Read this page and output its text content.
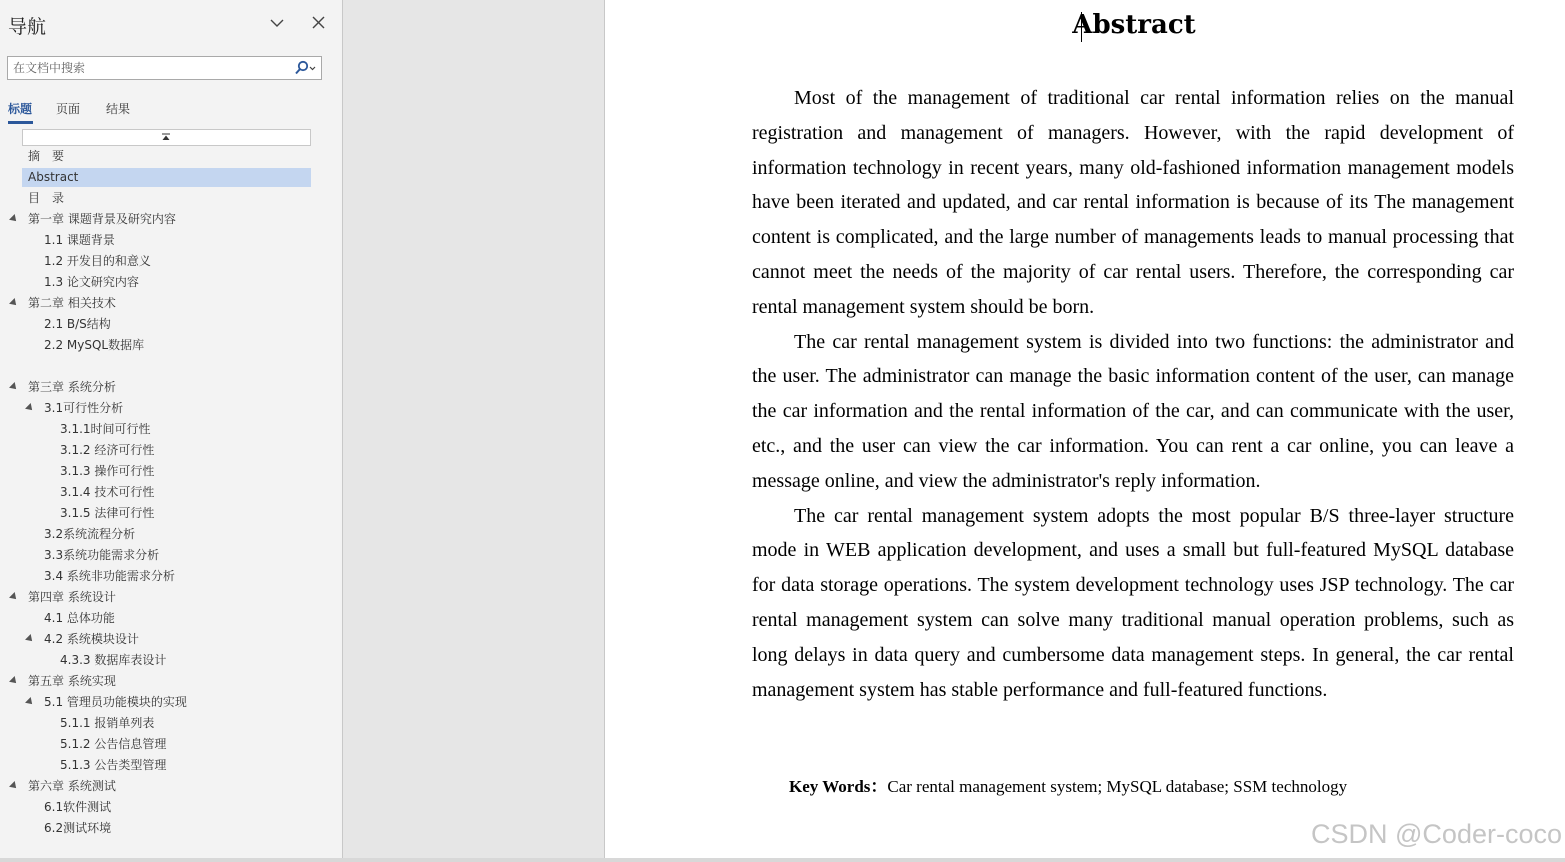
导航
在文档中搜索
标题 页面 结果
摘　要
Abstract
目　录
第一章 课题背景及研究内容
1.1 课题背景
1.2 开发目的和意义
1.3 论文研究内容
第二章 相关技术
2.1 B/S结构
2.2 MySQL数据库
第三章 系统分析
3.1可行性分析
3.1.1时间可行性
3.1.2 经济可行性
3.1.3 操作可行性
3.1.4 技术可行性
3.1.5 法律可行性
3.2系统流程分析
3.3系统功能需求分析
3.4 系统非功能需求分析
第四章 系统设计
4.1 总体功能
4.2 系统模块设计
4.3.3 数据库表设计
第五章 系统实现
5.1 管理员功能模块的实现
5.1.1 报销单列表
5.1.2 公告信息管理
5.1.3 公告类型管理
第六章 系统测试
6.1软件测试
6.2测试环境
Abstract

Most of the management of traditional car rental information relies on the manual registration and management of managers. However, with the rapid development of information technology in recent years, many old-fashioned information management models have been iterated and updated, and car rental information is because of its The management content is complicated, and the large number of managements leads to manual processing that cannot meet the needs of the majority of car rental users. Therefore, the corresponding car rental management system should be born.

The car rental management system is divided into two functions: the administrator and the user. The administrator can manage the basic information content of the user, can manage the car information and the rental information of the car, and can communicate with the user, etc., and the user can view the car information. You can rent a car online, you can leave a message online, and view the administrator's reply information.

The car rental management system adopts the most popular B/S three-layer structure mode in WEB application development, and uses a small but full-featured MySQL database for data storage operations. The system development technology uses JSP technology. The car rental management system can solve many traditional manual operation problems, such as long delays in data query and cumbersome data management steps. In general, the car rental management system has stable performance and full-featured functions.

Key Words：Car rental management system; MySQL database; SSM technology
CSDN @Coder-coco
